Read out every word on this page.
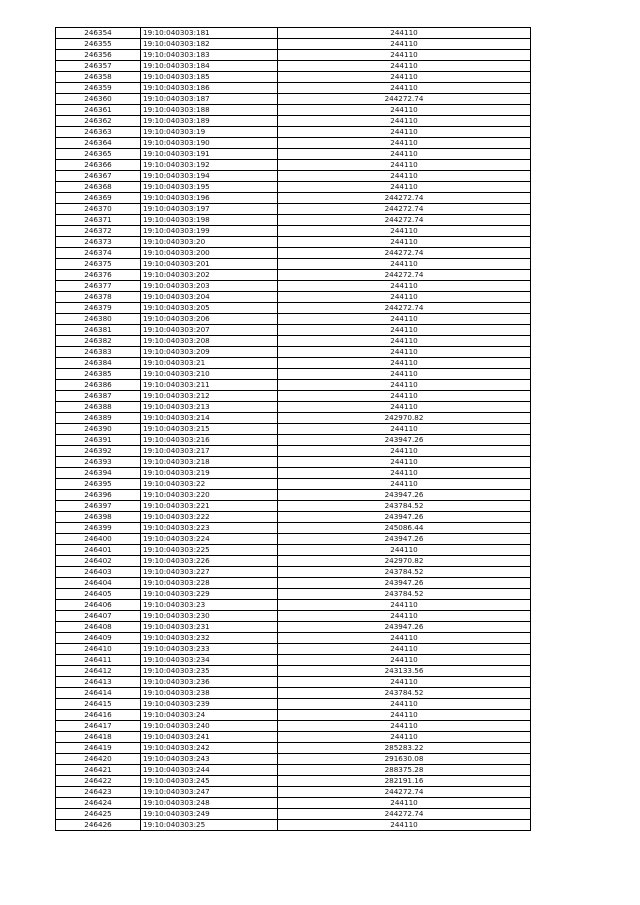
246354	19:10:040303:181	244110
246355	19:10:040303:182	244110
246356	19:10:040303:183	244110
246357	19:10:040303:184	244110
246358	19:10:040303:185	244110
246359	19:10:040303:186	244110
246360	19:10:040303:187	244272.74
246361	19:10:040303:188	244110
246362	19:10:040303:189	244110
246363	19:10:040303:19	244110
246364	19:10:040303:190	244110
246365	19:10:040303:191	244110
246366	19:10:040303:192	244110
246367	19:10:040303:194	244110
246368	19:10:040303:195	244110
246369	19:10:040303:196	244272.74
246370	19:10:040303:197	244272.74
246371	19:10:040303:198	244272.74
246372	19:10:040303:199	244110
246373	19:10:040303:20	244110
246374	19:10:040303:200	244272.74
246375	19:10:040303:201	244110
246376	19:10:040303:202	244272.74
246377	19:10:040303:203	244110
246378	19:10:040303:204	244110
246379	19:10:040303:205	244272.74
246380	19:10:040303:206	244110
246381	19:10:040303:207	244110
246382	19:10:040303:208	244110
246383	19:10:040303:209	244110
246384	19:10:040303:21	244110
246385	19:10:040303:210	244110
246386	19:10:040303:211	244110
246387	19:10:040303:212	244110
246388	19:10:040303:213	244110
246389	19:10:040303:214	242970.82
246390	19:10:040303:215	244110
246391	19:10:040303:216	243947.26
246392	19:10:040303:217	244110
246393	19:10:040303:218	244110
246394	19:10:040303:219	244110
246395	19:10:040303:22	244110
246396	19:10:040303:220	243947.26
246397	19:10:040303:221	243784.52
246398	19:10:040303:222	243947.26
246399	19:10:040303:223	245086.44
246400	19:10:040303:224	243947.26
246401	19:10:040303:225	244110
246402	19:10:040303:226	242970.82
246403	19:10:040303:227	243784.52
246404	19:10:040303:228	243947.26
246405	19:10:040303:229	243784.52
246406	19:10:040303:23	244110
246407	19:10:040303:230	244110
246408	19:10:040303:231	243947.26
246409	19:10:040303:232	244110
246410	19:10:040303:233	244110
246411	19:10:040303:234	244110
246412	19:10:040303:235	243133.56
246413	19:10:040303:236	244110
246414	19:10:040303:238	243784.52
246415	19:10:040303:239	244110
246416	19:10:040303:24	244110
246417	19:10:040303:240	244110
246418	19:10:040303:241	244110
246419	19:10:040303:242	285283.22
246420	19:10:040303:243	291630.08
246421	19:10:040303:244	288375.28
246422	19:10:040303:245	282191.16
246423	19:10:040303:247	244272.74
246424	19:10:040303:248	244110
246425	19:10:040303:249	244272.74
246426	19:10:040303:25	244110
